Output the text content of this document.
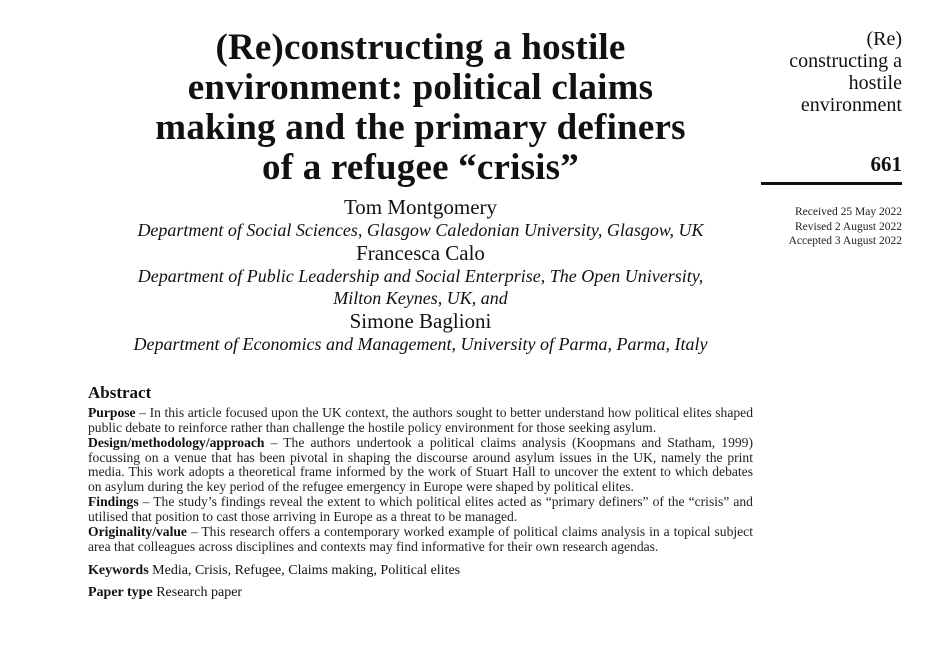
(Re)constructing a hostile
environment: political claims
making and the primary definers
of a refugee “crisis”
Tom Montgomery
Department of Social Sciences, Glasgow Caledonian University, Glasgow, UK
Francesca Calo
Department of Public Leadership and Social Enterprise, The Open University,
Milton Keynes, UK, and
Simone Baglioni
Department of Economics and Management, University of Parma, Parma, Italy
Abstract

Purpose – In this article focused upon the UK context, the authors sought to better understand how political elites shaped public debate to reinforce rather than challenge the hostile policy environment for those seeking asylum.

Design/methodology/approach – The authors undertook a political claims analysis (Koopmans and Statham, 1999) focussing on a venue that has been pivotal in shaping the discourse around asylum issues in the UK, namely the print media. This work adopts a theoretical frame informed by the work of Stuart Hall to uncover the extent to which debates on asylum during the key period of the refugee emergency in Europe were shaped by political elites.

Findings – The study’s findings reveal the extent to which political elites acted as “primary definers” of the “crisis” and utilised that position to cast those arriving in Europe as a threat to be managed.

Originality/value – This research offers a contemporary worked example of political claims analysis in a topical subject area that colleagues across disciplines and contexts may find informative for their own research agendas.

Keywords Media, Crisis, Refugee, Claims making, Political elites
Paper type Research paper
(Re)
constructing a
hostile
environment
661
Received 25 May 2022
Revised 2 August 2022
Accepted 3 August 2022
